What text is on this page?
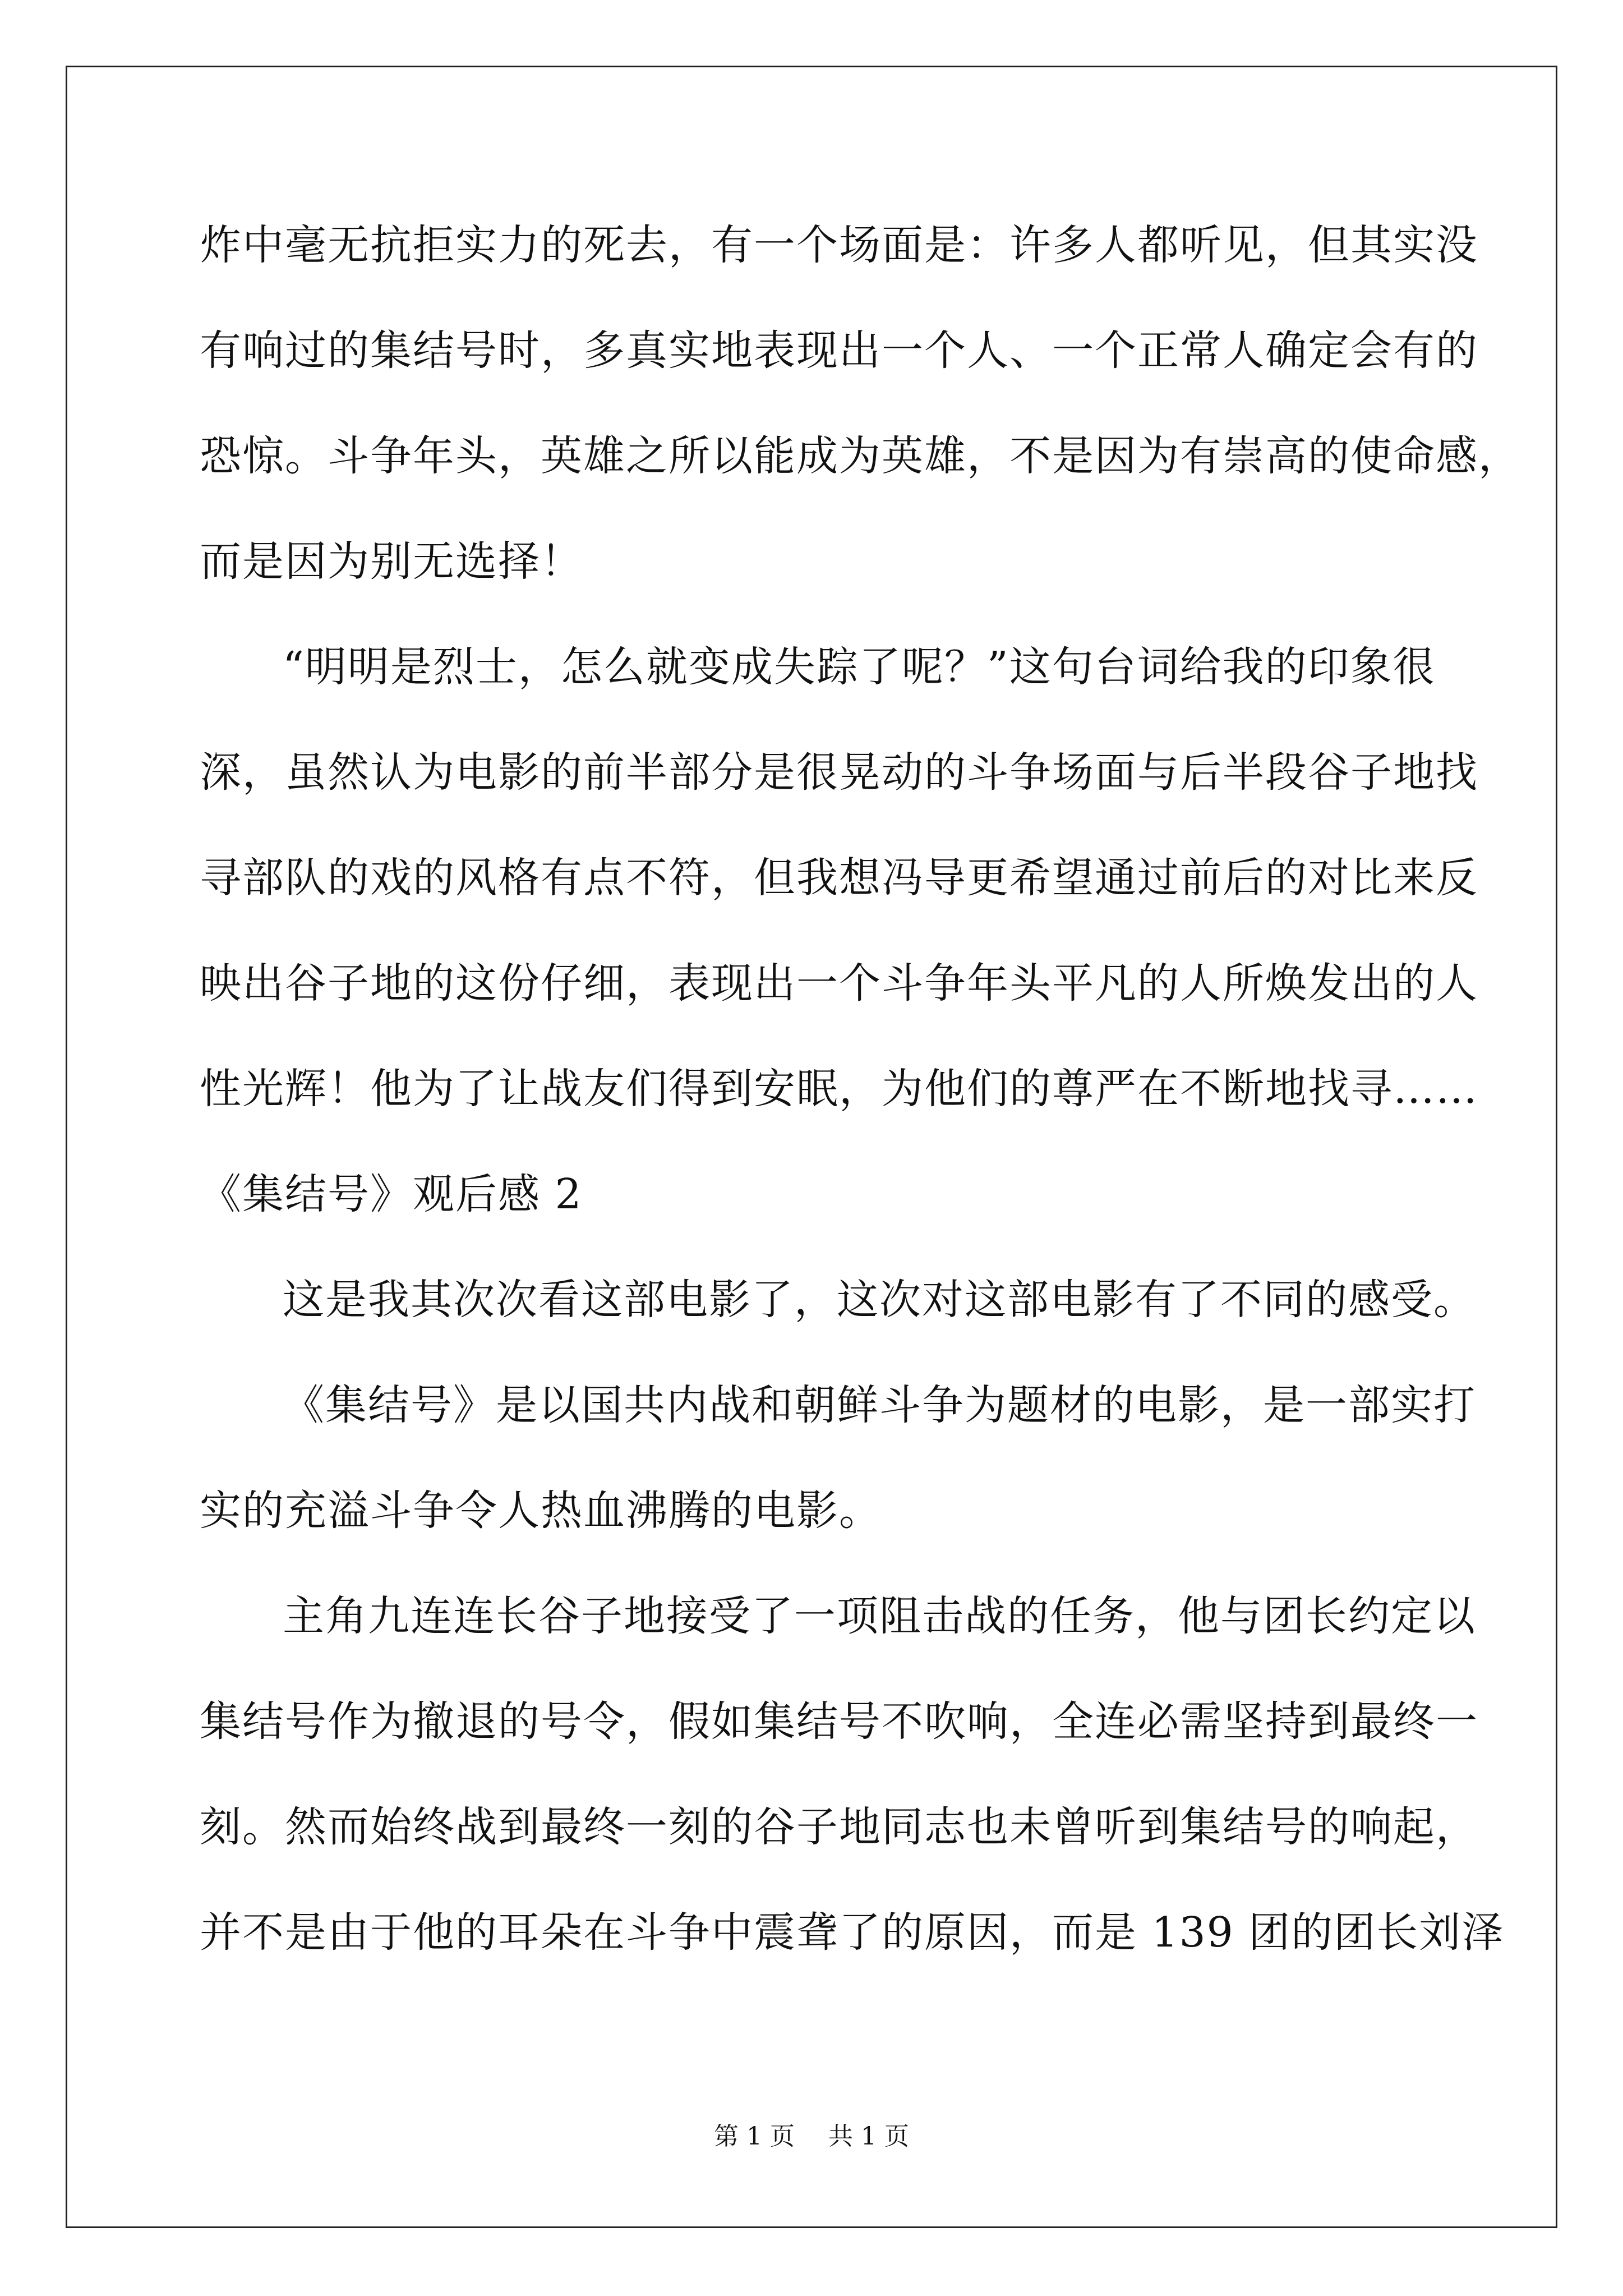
炸中毫无抗拒实力的死去，有一个场面是：许多人都听见，但其实没
有响过的集结号时，多真实地表现出一个人、一个正常人确定会有的
恐惊。斗争年头，英雄之所以能成为英雄，不是因为有崇高的使命感，
而是因为别无选择！
“明明是烈士，怎么就变成失踪了呢？”这句台词给我的印象很
深，虽然认为电影的前半部分是很晃动的斗争场面与后半段谷子地找
寻部队的戏的风格有点不符，但我想冯导更希望通过前后的对比来反
映出谷子地的这份仔细，表现出一个斗争年头平凡的人所焕发出的人
性光辉！他为了让战友们得到安眠，为他们的尊严在不断地找寻……
《集结号》观后感 2
这是我其次次看这部电影了，这次对这部电影有了不同的感受。
《集结号》是以国共内战和朝鲜斗争为题材的电影，是一部实打
实的充溢斗争令人热血沸腾的电影。
主角九连连长谷子地接受了一项阻击战的任务，他与团长约定以
集结号作为撤退的号令，假如集结号不吹响，全连必需坚持到最终一
刻。然而始终战到最终一刻的谷子地同志也未曾听到集结号的响起，
并不是由于他的耳朵在斗争中震聋了的原因，而是 139 团的团长刘泽
第 1 页 共 1 页
